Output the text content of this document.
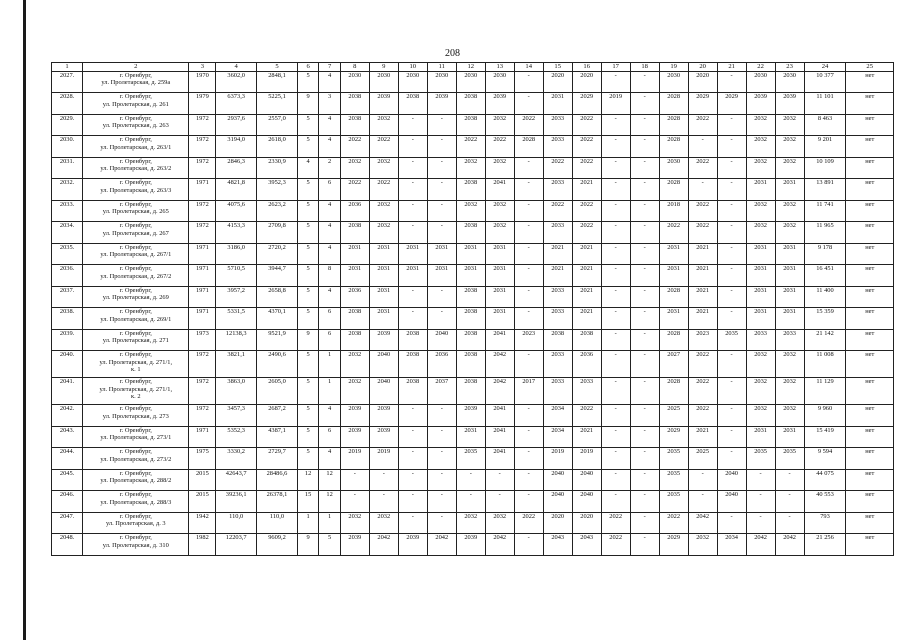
208
1	2	3	4	5	6	7	8	9	10	11	12	13	14	15	16	17	18	19	20	21	22	23	24	25
2027.	г. Оренбург,
ул. Пролетарская, д. 259а	1970	3602,0	2848,1	5	4	2030	2030	2030	2030	2030	2030	-	2020	2020	-	-	2030	2020	-	2030	2030	10 377	нет
2028.	г. Оренбург,
ул. Пролетарская, д. 261	1979	6373,3	5225,1	9	3	2038	2039	2038	2039	2038	2039	-	2031	2029	2019	-	2028	2029	2029	2039	2039	11 101	нет
2029.	г. Оренбург,
ул. Пролетарская, д. 263	1972	2937,6	2557,0	5	4	2038	2032	-	-	2038	2032	2022	2033	2022	-	-	2028	2022	-	2032	2032	8 463	нет
2030.	г. Оренбург,
ул. Пролетарская, д. 263/1	1972	3194,0	2618,0	5	4	2022	2022	-	-	2022	2022	2028	2033	2022	-	-	2028	-	-	2032	2032	9 201	нет
2031.	г. Оренбург,
ул. Пролетарская, д. 263/2	1972	2846,3	2330,9	4	2	2032	2032	-	-	2032	2032	-	2022	2022	-	-	2030	2022	-	2032	2032	10 109	нет
2032.	г. Оренбург,
ул. Пролетарская, д. 263/3	1971	4821,8	3952,3	5	6	2022	2022	-	-	2038	2041	-	2033	2021	-	-	2028	-	-	2031	2031	13 891	нет
2033.	г. Оренбург,
ул. Пролетарская, д. 265	1972	4075,6	2623,2	5	4	2036	2032	-	-	2032	2032	-	2022	2022	-	-	2018	2022	-	2032	2032	11 741	нет
2034.	г. Оренбург,
ул. Пролетарская, д. 267	1972	4153,3	2709,8	5	4	2038	2032	-	-	2038	2032	-	2033	2022	-	-	2022	2022	-	2032	2032	11 965	нет
2035.	г. Оренбург,
ул. Пролетарская, д. 267/1	1971	3186,0	2720,2	5	4	2031	2031	2031	2031	2031	2031	-	2021	2021	-	-	2031	2021	-	2031	2031	9 178	нет
2036.	г. Оренбург,
ул. Пролетарская, д. 267/2	1971	5710,5	3944,7	5	8	2031	2031	2031	2031	2031	2031	-	2021	2021	-	-	2031	2021	-	2031	2031	16 451	нет
2037.	г. Оренбург,
ул. Пролетарская, д. 269	1971	3957,2	2658,8	5	4	2036	2031	-	-	2038	2031	-	2033	2021	-	-	2028	2021	-	2031	2031	11 400	нет
2038.	г. Оренбург,
ул. Пролетарская, д. 269/1	1971	5331,5	4370,1	5	6	2038	2031	-	-	2038	2031	-	2033	2021	-	-	2031	2021	-	2031	2031	15 359	нет
2039.	г. Оренбург,
ул. Пролетарская, д. 271	1973	12138,3	9521,9	9	6	2038	2039	2038	2040	2038	2041	2023	2038	2038	-	-	2028	2023	2035	2033	2033	21 142	нет
2040.	г. Оренбург,
ул. Пролетарская, д. 271/1,
к. 1	1972	3821,1	2490,6	5	1	2032	2040	2038	2036	2038	2042	-	2033	2036	-	-	2027	2022	-	2032	2032	11 008	нет
2041.	г. Оренбург,
ул. Пролетарская, д. 271/1,
к. 2	1972	3863,0	2605,0	5	1	2032	2040	2038	2037	2038	2042	2017	2033	2033	-	-	2028	2022	-	2032	2032	11 129	нет
2042.	г. Оренбург,
ул. Пролетарская, д. 273	1972	3457,3	2687,2	5	4	2039	2039	-	-	2039	2041	-	2034	2022	-	-	2025	2022	-	2032	2032	9 960	нет
2043.	г. Оренбург,
ул. Пролетарская, д. 273/1	1971	5352,3	4387,1	5	6	2039	2039	-	-	2031	2041	-	2034	2021	-	-	2029	2021	-	2031	2031	15 419	нет
2044.	г. Оренбург,
ул. Пролетарская, д. 273/2	1975	3330,2	2729,7	5	4	2019	2019	-	-	2035	2041	-	2019	2019	-	-	2035	2025	-	2035	2035	9 594	нет
2045.	г. Оренбург,
ул. Пролетарская, д. 288/2	2015	42643,7	28486,6	12	12	-	-	-	-	-	-	-	2040	2040	-	-	2035	-	2040	-	-	44 075	нет
2046.	г. Оренбург,
ул. Пролетарская, д. 288/3	2015	39236,1	26378,1	15	12	-	-	-	-	-	-	-	2040	2040	-	-	2035	-	2040	-	-	40 553	нет
2047.	г. Оренбург,
ул. Пролетарская, д. 3	1942	110,0	110,0	1	1	2032	2032	-	-	2032	2032	2022	2020	2020	2022	-	2022	2042	-	-	-	793	нет
2048.	г. Оренбург,
ул. Пролетарская, д. 310	1982	12203,7	9609,2	9	5	2039	2042	2039	2042	2039	2042	-	2043	2043	2022	-	2029	2032	2034	2042	2042	21 256	нет
